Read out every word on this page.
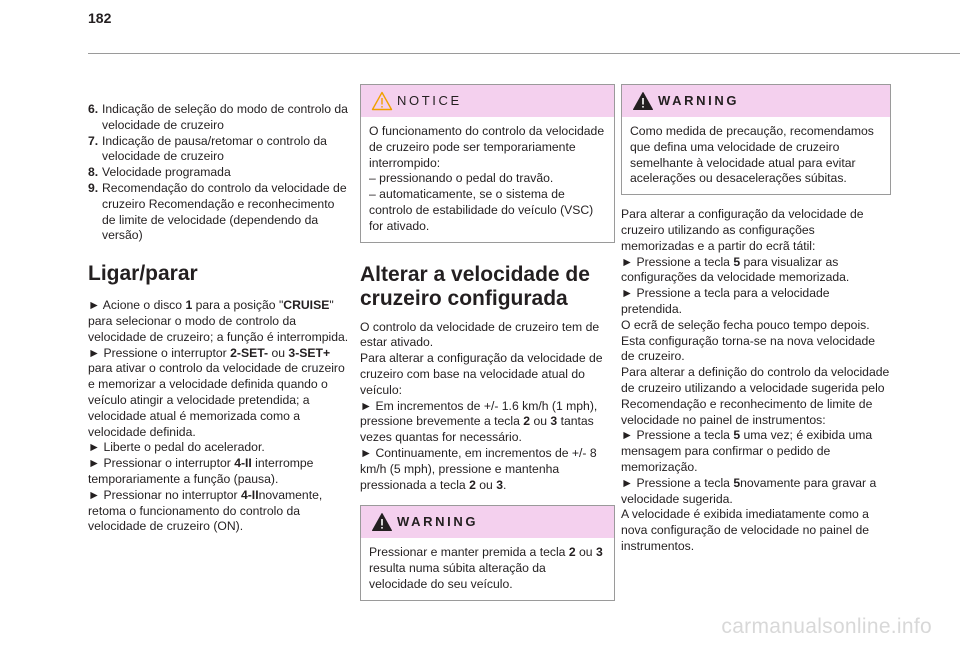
182
6. Indicação de seleção do modo de controlo da velocidade de cruzeiro
7. Indicação de pausa/retomar o controlo da velocidade de cruzeiro
8. Velocidade programada
9. Recomendação do controlo da velocidade de cruzeiro Recomendação e reconhecimento de limite de velocidade (dependendo da versão)
Ligar/parar
► Acione o disco 1 para a posição "CRUISE" para selecionar o modo de controlo da velocidade de cruzeiro; a função é interrompida.
► Pressione o interruptor 2-SET- ou 3-SET+ para ativar o controlo da velocidade de cruzeiro e memorizar a velocidade definida quando o veículo atingir a velocidade pretendida; a velocidade atual é memorizada como a velocidade definida.
► Liberte o pedal do acelerador.
► Pressionar o interruptor 4-II interrompe temporariamente a função (pausa).
► Pressionar no interruptor 4-IInovamente, retoma o funcionamento do controlo da velocidade de cruzeiro (ON).
NOTICE
O funcionamento do controlo da velocidade de cruzeiro pode ser temporariamente interrompido:
– pressionando o pedal do travão.
– automaticamente, se o sistema de controlo de estabilidade do veículo (VSC) for ativado.
Alterar a velocidade de cruzeiro configurada
O controlo da velocidade de cruzeiro tem de estar ativado.
Para alterar a configuração da velocidade de cruzeiro com base na velocidade atual do veículo:
► Em incrementos de +/- 1.6 km/h (1 mph), pressione brevemente a tecla 2 ou 3 tantas vezes quantas for necessário.
► Continuamente, em incrementos de +/- 8 km/h (5 mph), pressione e mantenha pressionada a tecla 2 ou 3.
WARNING
Pressionar e manter premida a tecla 2 ou 3 resulta numa súbita alteração da velocidade do seu veículo.
WARNING
Como medida de precaução, recomendamos que defina uma velocidade de cruzeiro semelhante à velocidade atual para evitar acelerações ou desacelerações súbitas.
Para alterar a configuração da velocidade de cruzeiro utilizando as configurações memorizadas e a partir do ecrã tátil:
► Pressione a tecla 5 para visualizar as configurações da velocidade memorizada.
► Pressione a tecla para a velocidade pretendida.
O ecrã de seleção fecha pouco tempo depois.
Esta configuração torna-se na nova velocidade de cruzeiro.
Para alterar a definição do controlo da velocidade de cruzeiro utilizando a velocidade sugerida pelo Recomendação e reconhecimento de limite de velocidade no painel de instrumentos:
► Pressione a tecla 5 uma vez; é exibida uma mensagem para confirmar o pedido de memorização.
► Pressione a tecla 5novamente para gravar a velocidade sugerida.
A velocidade é exibida imediatamente como a nova configuração de velocidade no painel de instrumentos.
carmanualsonline.info
